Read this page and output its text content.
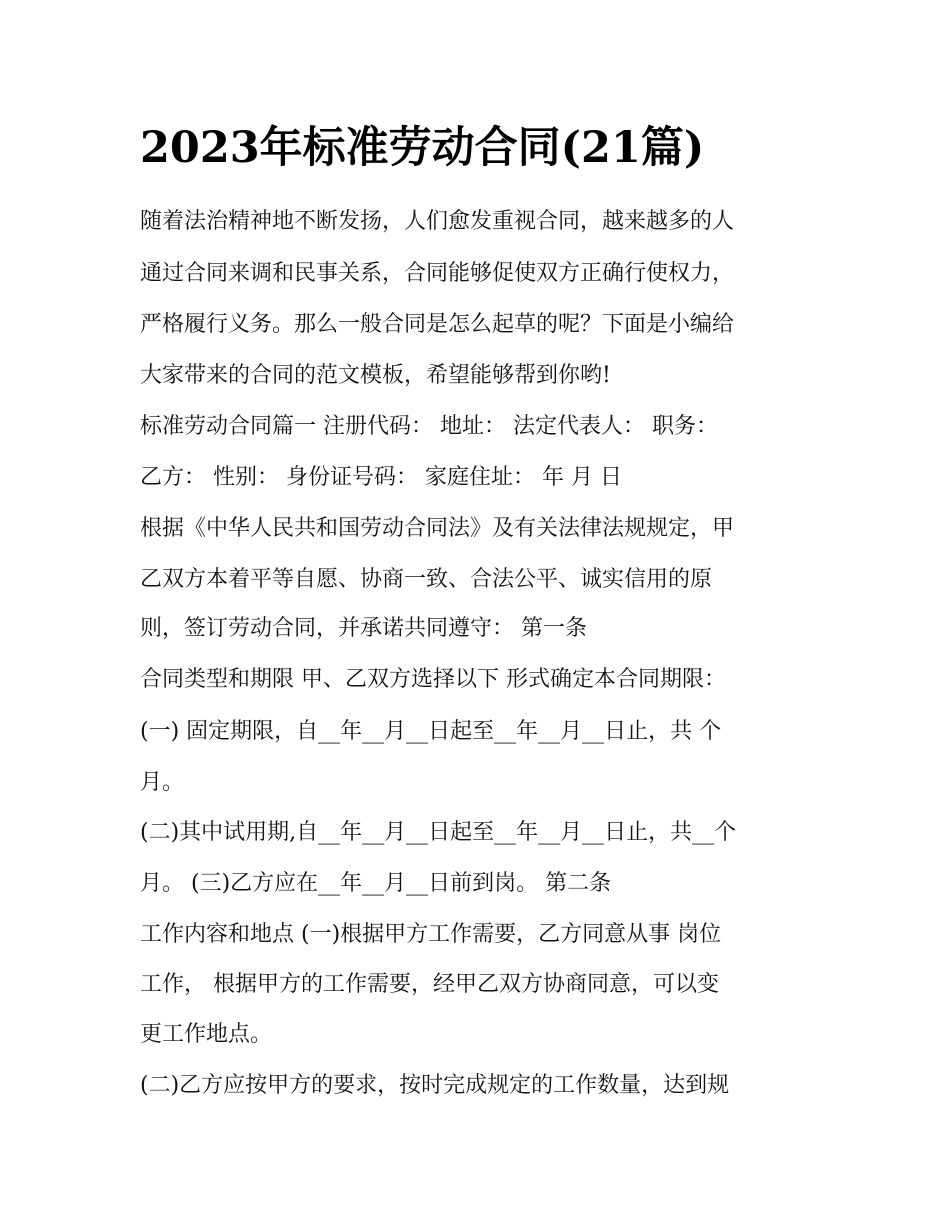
2023年标准劳动合同(21篇)

随着法治精神地不断发扬，人们愈发重视合同，越来越多的人

通过合同来调和民事关系，合同能够促使双方正确行使权力，

严格履行义务。那么一般合同是怎么起草的呢？下面是小编给

大家带来的合同的范文模板，希望能够帮到你哟!

标准劳动合同篇一 注册代码： 地址： 法定代表人： 职务：

乙方： 性别： 身份证号码： 家庭住址： 年 月 日

根据《中华人民共和国劳动合同法》及有关法律法规规定，甲

乙双方本着平等自愿、协商一致、合法公平、诚实信用的原

则，签订劳动合同，并承诺共同遵守： 第一条

合同类型和期限 甲、乙双方选择以下 形式确定本合同期限：

(一) 固定期限，自__年__月__日起至__年__月__日止，共 个

月。

(二)其中试用期,自__年__月__日起至__年__月__日止，共__个

月。 (三)乙方应在__年__月__日前到岗。 第二条

工作内容和地点 (一)根据甲方工作需要，乙方同意从事 岗位

工作， 根据甲方的工作需要，经甲乙双方协商同意，可以变

更工作地点。

(二)乙方应按甲方的要求，按时完成规定的工作数量，达到规
